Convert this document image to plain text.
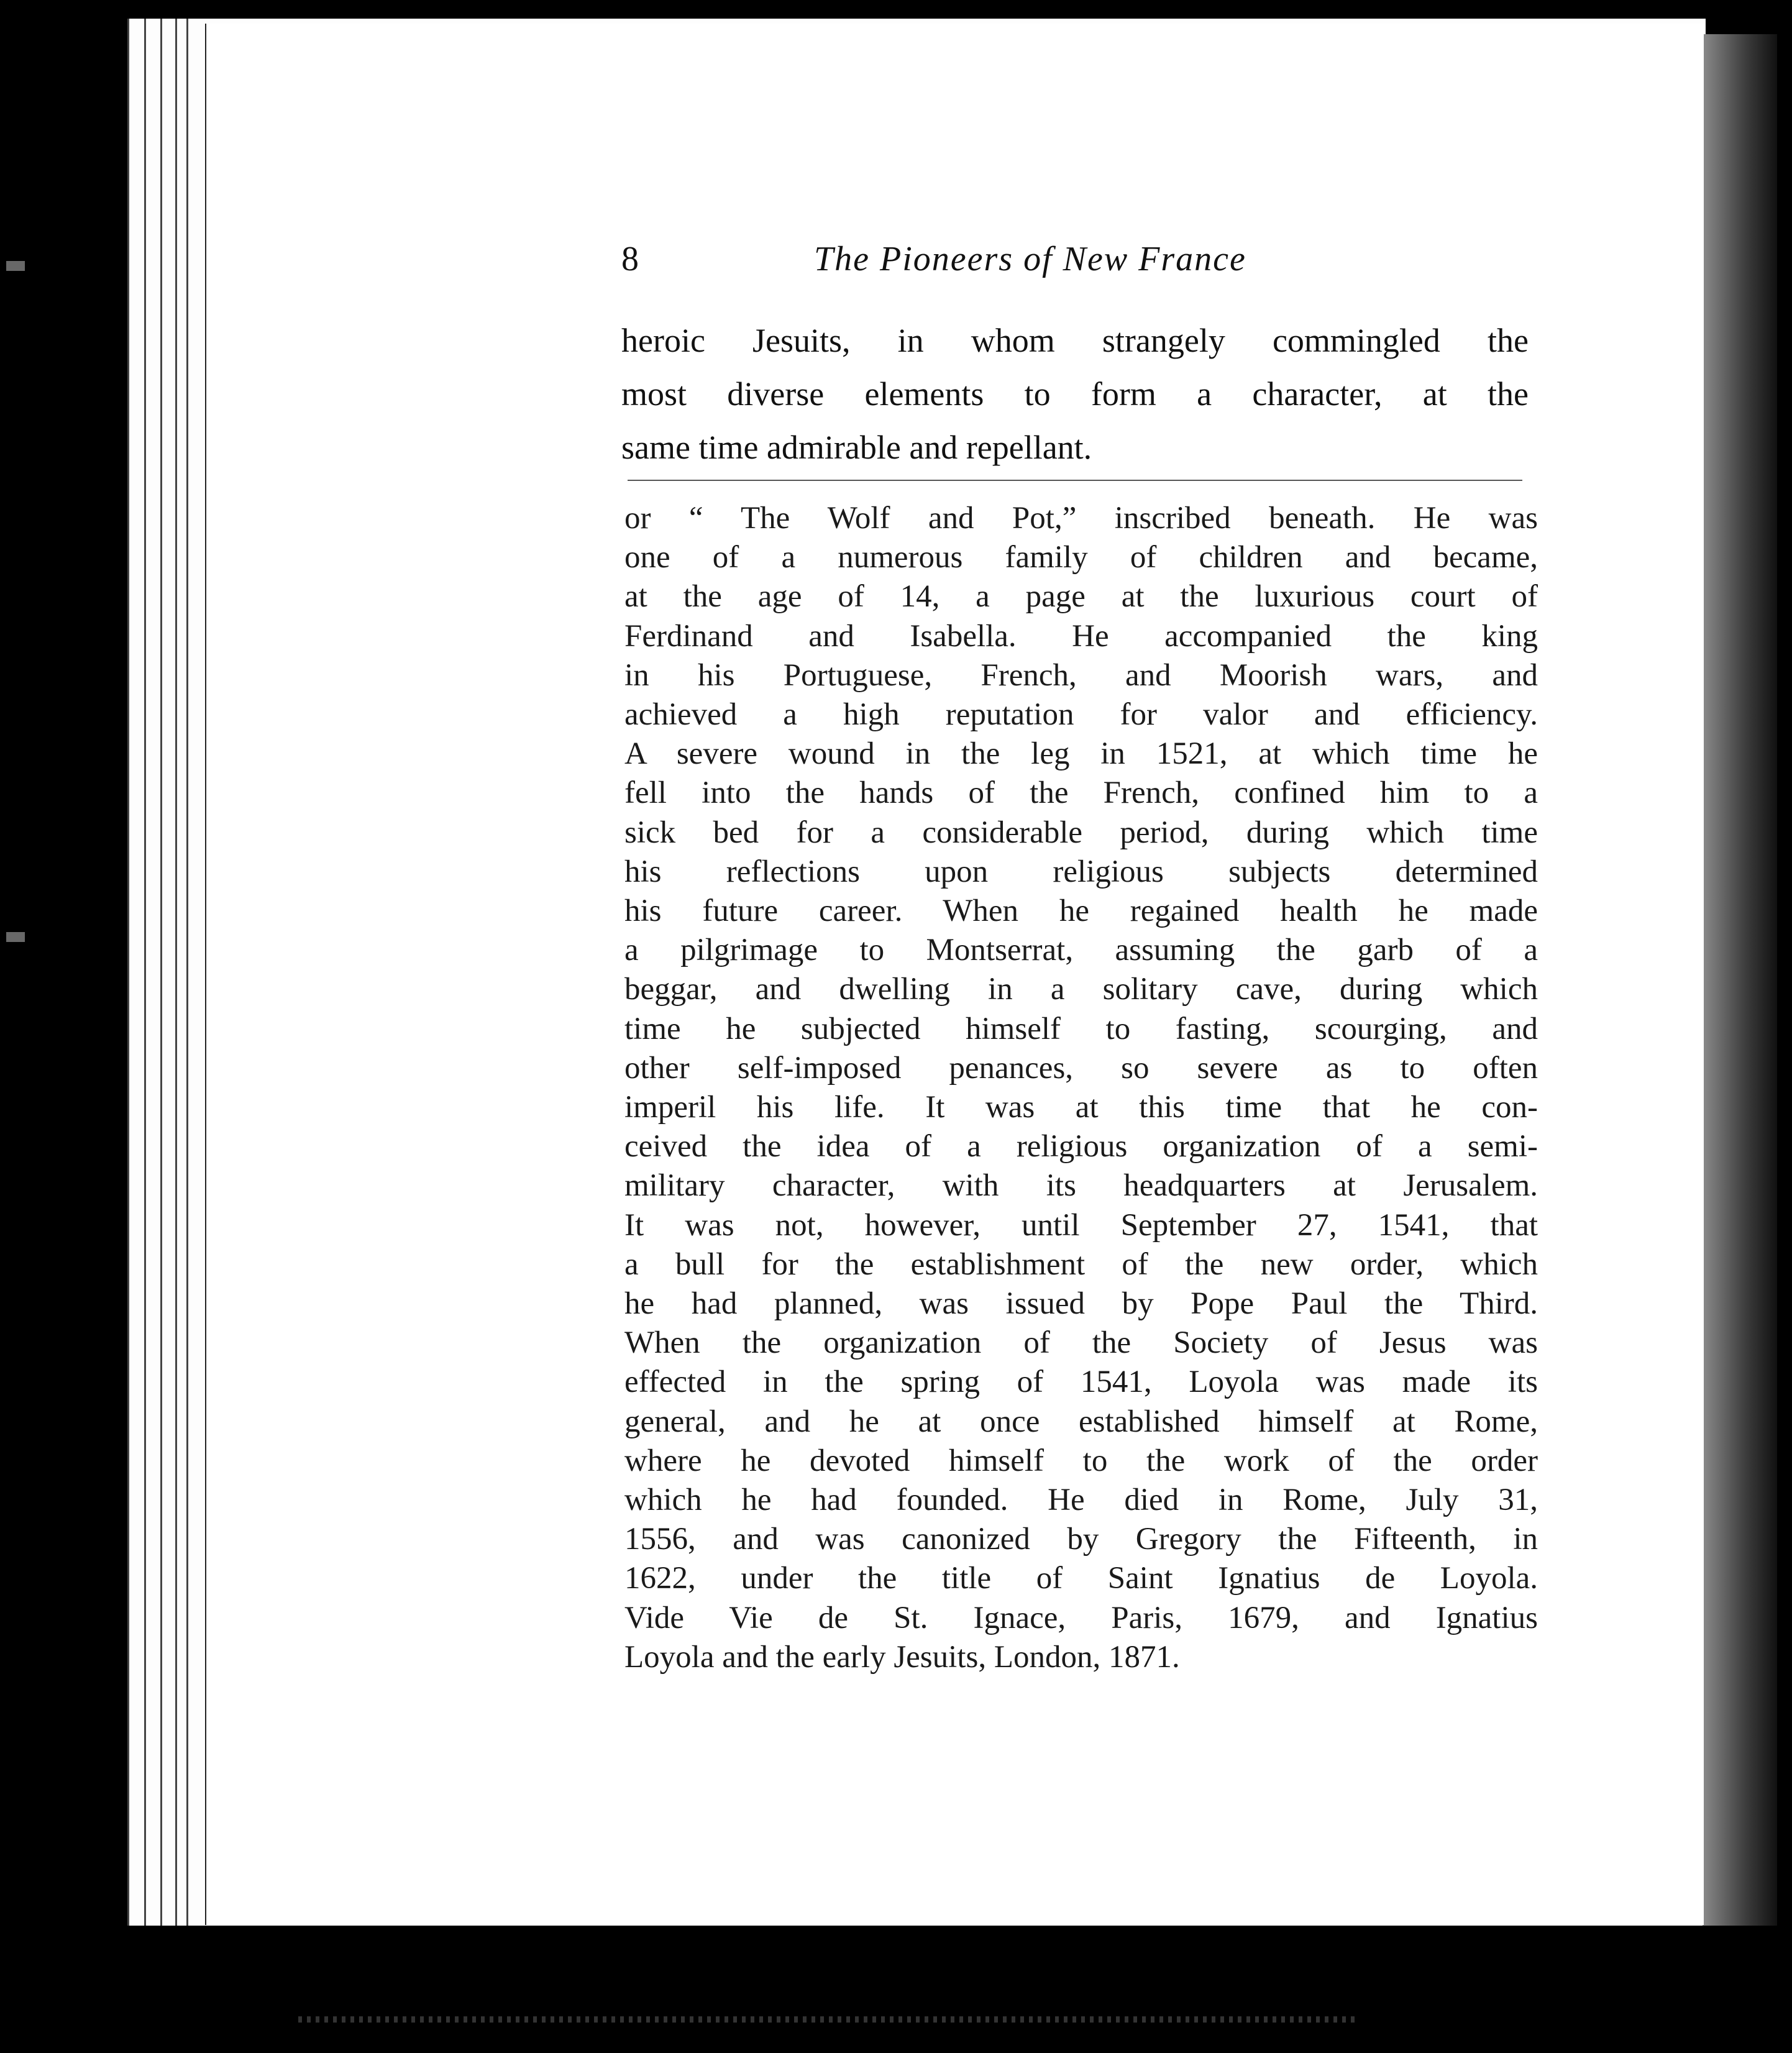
8	The Pioneers of New France
heroic Jesuits, in whom strangely commingled the
most diverse elements to form a character, at the
same time admirable and repellant.
or “ The Wolf and Pot,” inscribed beneath. He was
one of a numerous family of children and became,
at the age of 14, a page at the luxurious court of
Ferdinand and Isabella. He accompanied the king
in his Portuguese, French, and Moorish wars, and
achieved a high reputation for valor and efficiency.
A severe wound in the leg in 1521, at which time he
fell into the hands of the French, confined him to a
sick bed for a considerable period, during which time
his reflections upon religious subjects determined
his future career. When he regained health he made
a pilgrimage to Montserrat, assuming the garb of a
beggar, and dwelling in a solitary cave, during which
time he subjected himself to fasting, scourging, and
other self-imposed penances, so severe as to often
imperil his life. It was at this time that he con-
ceived the idea of a religious organization of a semi-
military character, with its headquarters at Jerusalem.
It was not, however, until September 27, 1541, that
a bull for the establishment of the new order, which
he had planned, was issued by Pope Paul the Third.
When the organization of the Society of Jesus was
effected in the spring of 1541, Loyola was made its
general, and he at once established himself at Rome,
where he devoted himself to the work of the order
which he had founded. He died in Rome, July 31,
1556, and was canonized by Gregory the Fifteenth, in
1622, under the title of Saint Ignatius de Loyola.
Vide Vie de St. Ignace, Paris, 1679, and Ignatius
Loyola and the early Jesuits, London, 1871.
